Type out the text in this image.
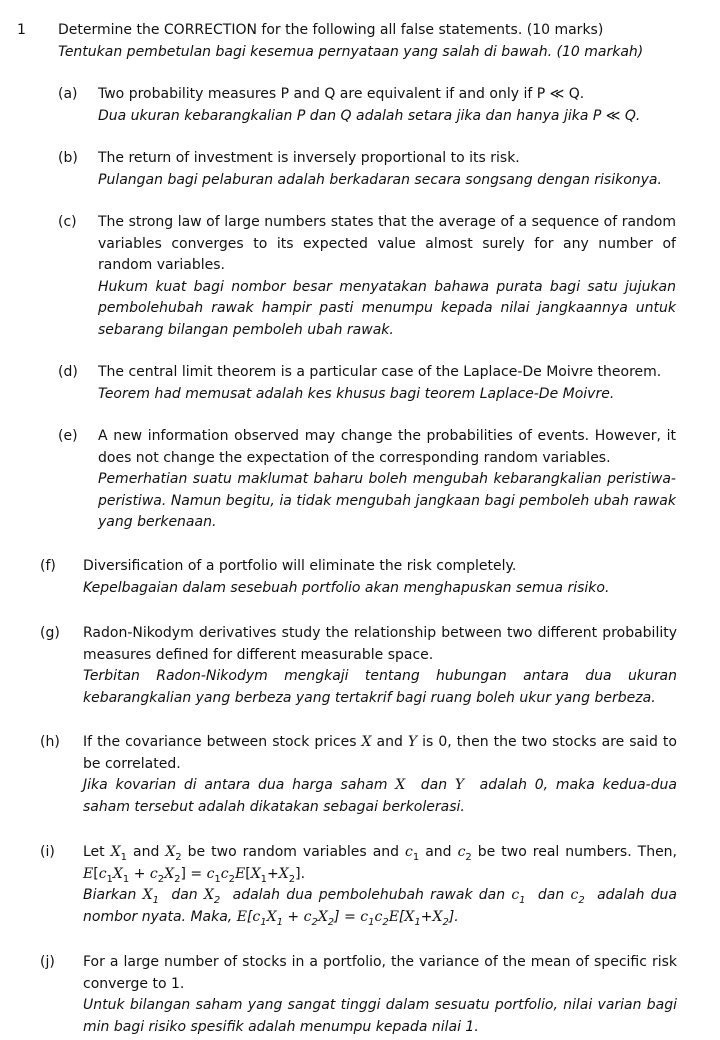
1 Determine the CORRECTION for the following all false statements. (10 marks)
Tentukan pembetulan bagi kesemua pernyataan yang salah di bawah. (10 markah)
(a) Two probability measures P and Q are equivalent if and only if P ≪ Q.
Dua ukuran kebarangkalian P dan Q adalah setara jika dan hanya jika P ≪ Q.
(b) The return of investment is inversely proportional to its risk.
Pulangan bagi pelaburan adalah berkadaran secara songsang dengan risikonya.
(c) The strong law of large numbers states that the average of a sequence of random variables converges to its expected value almost surely for any number of random variables.
Hukum kuat bagi nombor besar menyatakan bahawa purata bagi satu jujukan pembolehubah rawak hampir pasti menumpu kepada nilai jangkaannya untuk sebarang bilangan pemboleh ubah rawak.
(d) The central limit theorem is a particular case of the Laplace-De Moivre theorem.
Teorem had memusat adalah kes khusus bagi teorem Laplace-De Moivre.
(e) A new information observed may change the probabilities of events. However, it does not change the expectation of the corresponding random variables.
Pemerhatian suatu maklumat baharu boleh mengubah kebarangkalian peristiwa-peristiwa. Namun begitu, ia tidak mengubah jangkaan bagi pemboleh ubah rawak yang berkenaan.
(f) Diversification of a portfolio will eliminate the risk completely.
Kepelbagaian dalam sesebuah portfolio akan menghapuskan semua risiko.
(g) Radon-Nikodym derivatives study the relationship between two different probability measures defined for different measurable space.
Terbitan Radon-Nikodym mengkaji tentang hubungan antara dua ukuran kebarangkalian yang berbeza yang tertakrif bagi ruang boleh ukur yang berbeza.
(h) If the covariance between stock prices X and Y is 0, then the two stocks are said to be correlated.
Jika kovarian di antara dua harga saham X  dan Y  adalah 0, maka kedua-dua saham tersebut adalah dikatakan sebagai berkolerasi.
(i) Let $X_1$ and $X_2$ be two random variables and $c_1$ and $c_2$ be two real numbers. Then, $E[c_1X_1 + c_2X_2] = c_1c_2E[X_1+X_2]$.
Biarkan $X_1$  dan $X_2$  adalah dua pembolehubah rawak dan $c_1$  dan $c_2$  adalah dua nombor nyata. Maka, $E[c_1X_1 + c_2X_2] = c_1c_2E[X_1+X_2]$.
(j) For a large number of stocks in a portfolio, the variance of the mean of specific risk converge to 1.
Untuk bilangan saham yang sangat tinggi dalam sesuatu portfolio, nilai varian bagi min bagi risiko spesifik adalah menumpu kepada nilai 1.
